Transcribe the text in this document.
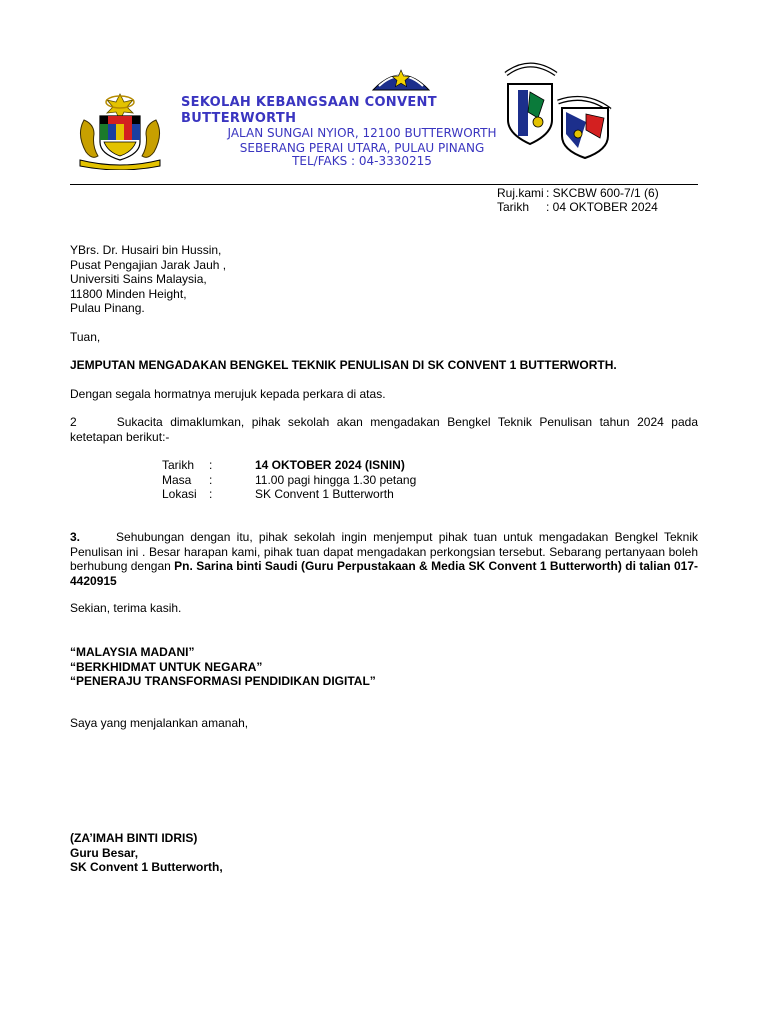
SEKOLAH KEBANGSAAN CONVENT
BUTTERWORTH
JALAN SUNGAI NYIOR, 12100 BUTTERWORTH
SEBERANG PERAI UTARA, PULAU PINANG
TEL/FAKS : 04-3330215
Ruj.kami : SKCBW 600-7/1 (6)
Tarikh : 04 OKTOBER 2024
YBrs. Dr. Husairi bin Hussin,
Pusat Pengajian Jarak Jauh ,
Universiti Sains Malaysia,
11800 Minden Height,
Pulau Pinang.
Tuan,
JEMPUTAN MENGADAKAN BENGKEL TEKNIK PENULISAN DI SK CONVENT 1 BUTTERWORTH.
Dengan segala hormatnya merujuk kepada perkara di atas.
2	Sukacita dimaklumkan, pihak sekolah akan mengadakan Bengkel Teknik Penulisan tahun 2024 pada ketetapan berikut:-
Tarikh :	14 OKTOBER 2024 (ISNIN)
Masa :	11.00 pagi hingga 1.30 petang
Lokasi :	SK Convent 1 Butterworth
3.	Sehubungan dengan itu, pihak sekolah ingin menjemput pihak tuan untuk mengadakan Bengkel Teknik Penulisan ini . Besar harapan kami, pihak tuan dapat mengadakan perkongsian tersebut. Sebarang pertanyaan boleh berhubung dengan Pn. Sarina binti Saudi (Guru Perpustakaan & Media SK Convent 1 Butterworth) di talian 017-4420915
Sekian, terima kasih.
“MALAYSIA MADANI”
“BERKHIDMAT UNTUK NEGARA”
“PENERAJU TRANSFORMASI PENDIDIKAN DIGITAL”
Saya yang menjalankan amanah,
(ZA’IMAH BINTI IDRIS)
Guru Besar,
SK Convent 1 Butterworth,
